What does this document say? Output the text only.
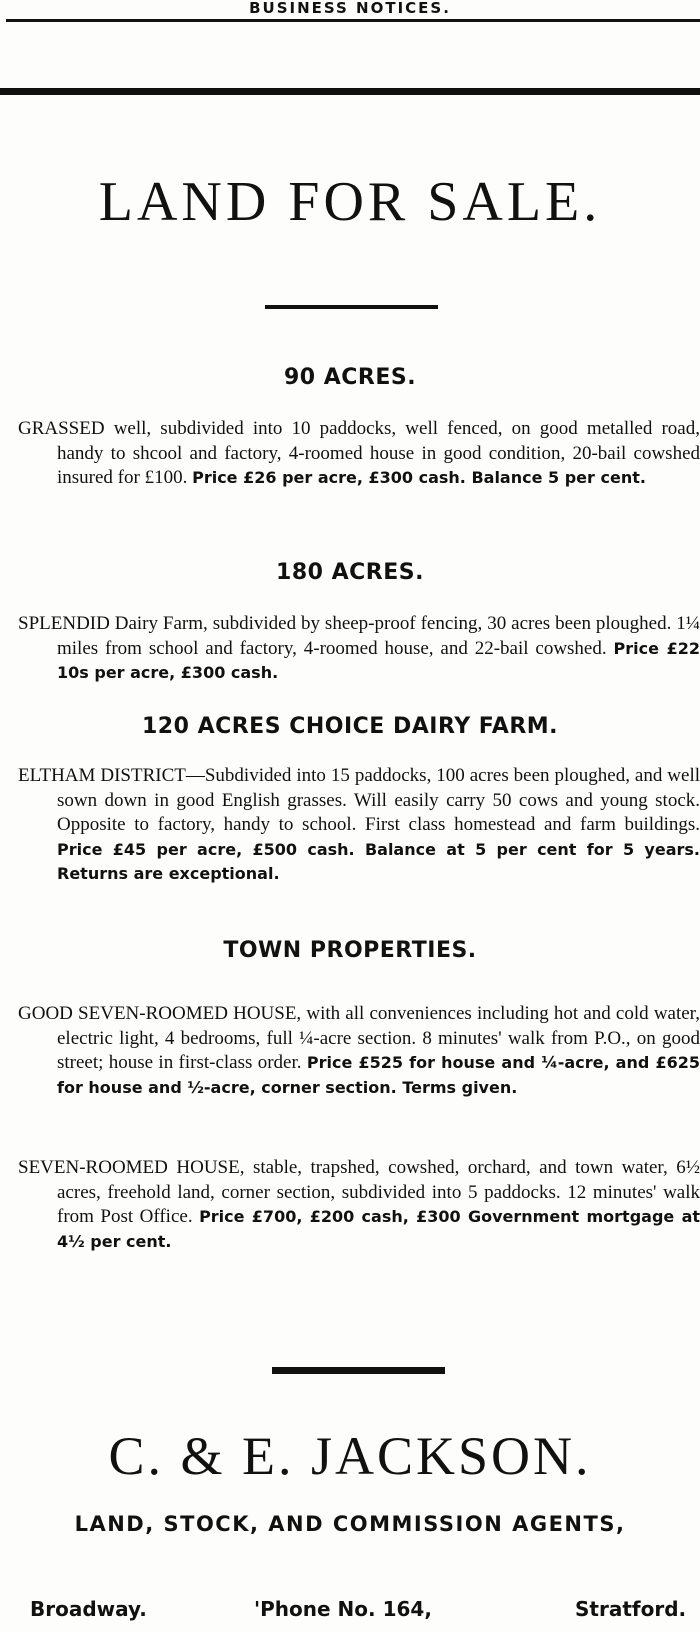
BUSINESS NOTICES.
LAND FOR SALE.
90 ACRES.
GRASSED well, subdivided into 10 paddocks, well fenced, on good metalled road, handy to shcool and factory, 4-roomed house in good condition, 20-bail cowshed insured for £100. Price £26 per acre, £300 cash. Balance 5 per cent.
180 ACRES.
SPLENDID Dairy Farm, subdivided by sheep-proof fencing, 30 acres been ploughed. 1¼ miles from school and factory, 4-roomed house, and 22-bail cowshed. Price £22 10s per acre, £300 cash.
120 ACRES CHOICE DAIRY FARM.
ELTHAM DISTRICT—Subdivided into 15 paddocks, 100 acres been ploughed, and well sown down in good English grasses. Will easily carry 50 cows and young stock. Opposite to factory, handy to school. First class homestead and farm buildings. Price £45 per acre, £500 cash. Balance at 5 per cent for 5 years. Returns are exceptional.
TOWN PROPERTIES.
GOOD SEVEN-ROOMED HOUSE, with all conveniences including hot and cold water, electric light, 4 bedrooms, full ¼-acre section. 8 minutes' walk from P.O., on good street; house in first-class order. Price £525 for house and ¼-acre, and £625 for house and ½-acre, corner section. Terms given.
SEVEN-ROOMED HOUSE, stable, trapshed, cowshed, orchard, and town water, 6½ acres, freehold land, corner section, subdivided into 5 paddocks. 12 minutes' walk from Post Office. Price £700, £200 cash, £300 Government mortgage at 4½ per cent.
C. & E. JACKSON.
LAND, STOCK, AND COMMISSION AGENTS,
Broadway.	'Phone No. 164,	Stratford.
